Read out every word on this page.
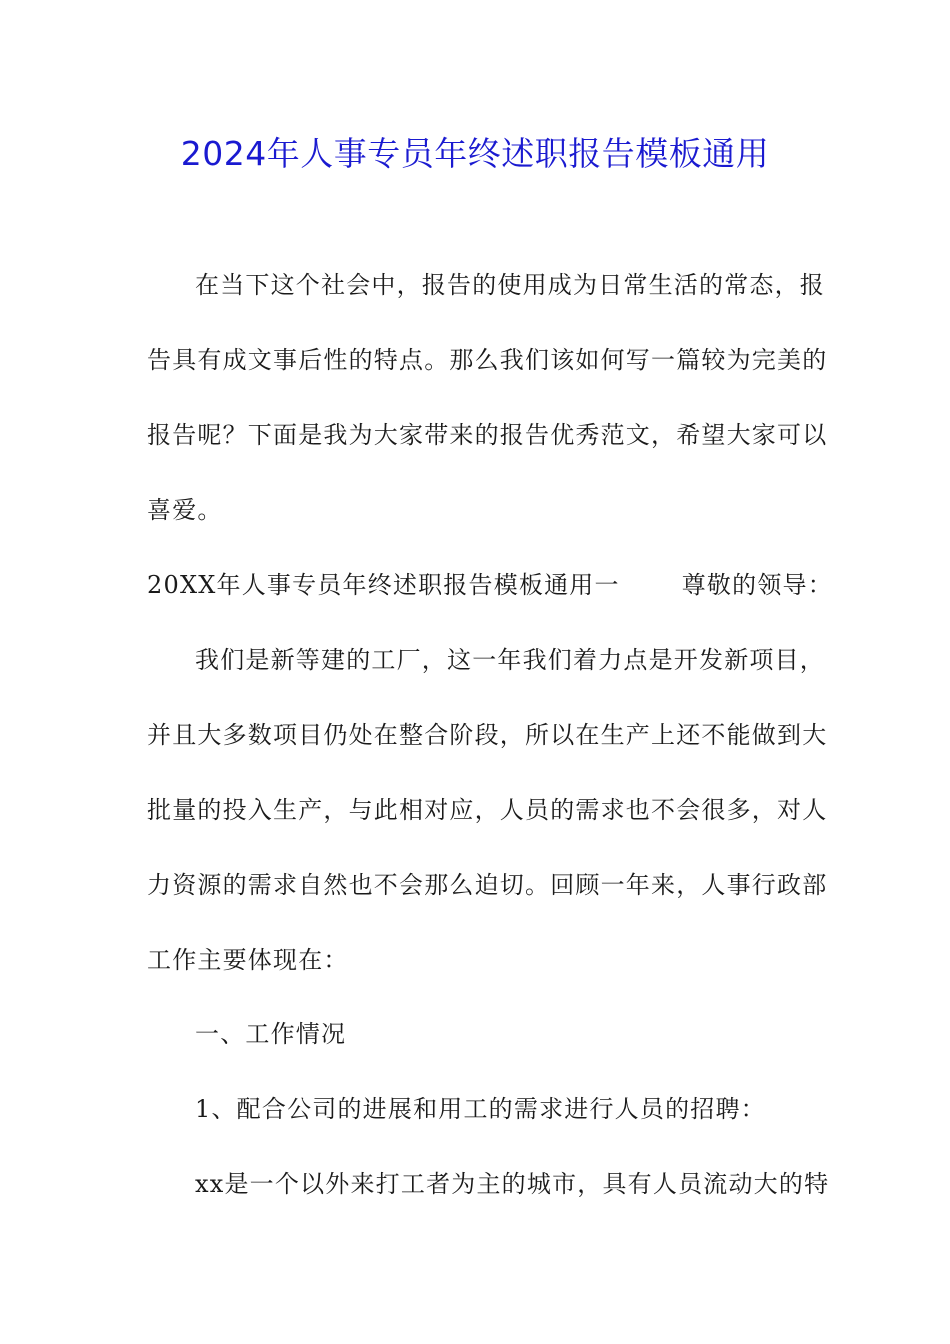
2024年人事专员年终述职报告模板通用
在当下这个社会中，报告的使用成为日常生活的常态，报
告具有成文事后性的特点。那么我们该如何写一篇较为完美的
报告呢？下面是我为大家带来的报告优秀范文，希望大家可以
喜爱。
20XX年人事专员年终述职报告模板通用一	尊敬的领导：
我们是新等建的工厂，这一年我们着力点是开发新项目，
并且大多数项目仍处在整合阶段，所以在生产上还不能做到大
批量的投入生产，与此相对应，人员的需求也不会很多，对人
力资源的需求自然也不会那么迫切。回顾一年来，人事行政部
工作主要体现在：
一、工作情况
1、配合公司的进展和用工的需求进行人员的招聘：
xx是一个以外来打工者为主的城市，具有人员流动大的特
